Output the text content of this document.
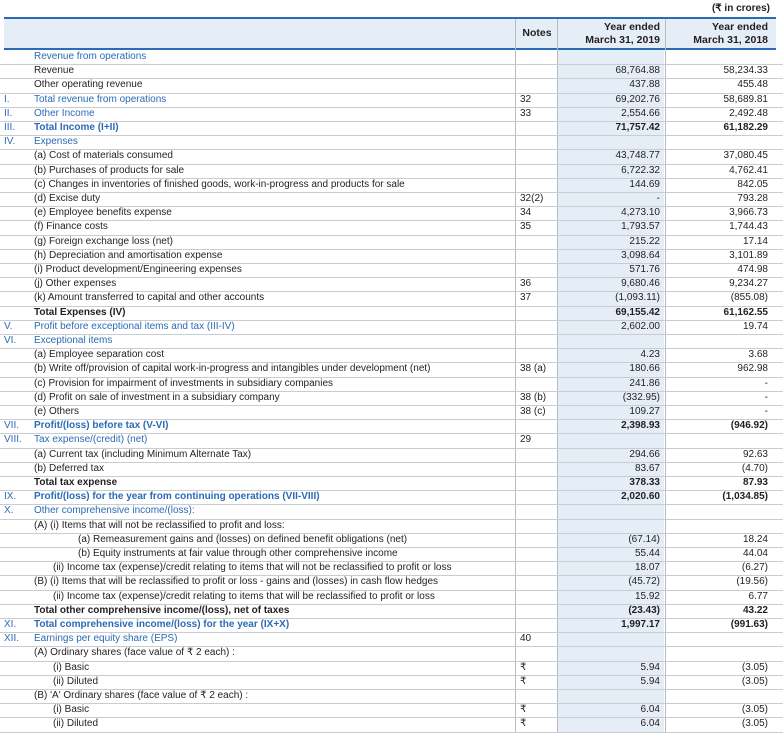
(₹ in crores)
Notes	Year ended
March 31, 2019
Year ended
March 31, 2018
Revenue from operations
Revenue	68,764.88	58,234.33
Other operating revenue	437.88	455.48
I.	Total revenue from operations	32	69,202.76	58,689.81
II.	Other Income	33	2,554.66	2,492.48
III.	Total Income (I+II)	71,757.42	61,182.29
IV.	Expenses
(a) Cost of materials consumed	43,748.77	37,080.45
(b) Purchases of products for sale	6,722.32	4,762.41
(c) Changes in inventories of finished goods, work-in-progress and products for sale	144.69	842.05
(d) Excise duty	32(2)	-	793.28
(e) Employee benefits expense	34	4,273.10	3,966.73
(f) Finance costs	35	1,793.57	1,744.43
(g) Foreign exchange loss (net)	215.22	17.14
(h) Depreciation and amortisation expense	3,098.64	3,101.89
(i) Product development/Engineering expenses	571.76	474.98
(j) Other expenses	36	9,680.46	9,234.27
(k) Amount transferred to capital and other accounts	37	(1,093.11)	(855.08)
Total Expenses (IV)	69,155.42	61,162.55
V.	Profit before exceptional items and tax (III-IV)	2,602.00	19.74
VI.	Exceptional items
(a) Employee separation cost	4.23	3.68
(b) Write off/provision of capital work-in-progress and intangibles under development (net)	38 (a)	180.66	962.98
(c) Provision for impairment of investments in subsidiary companies	241.86	-
(d) Profit on sale of investment in a subsidiary company	38 (b)	(332.95)	-
(e) Others	38 (c)	109.27	-
VII.	Profit/(loss) before tax (V-VI)	2,398.93	(946.92)
VIII.	Tax expense/(credit) (net)	29
(a) Current tax (including Minimum Alternate Tax)	294.66	92.63
(b) Deferred tax	83.67	(4.70)
Total tax expense	378.33	87.93
IX.	Profit/(loss) for the year from continuing operations (VII-VIII)	2,020.60	(1,034.85)
X.	Other comprehensive income/(loss):
(A) (i) Items that will not be reclassified to profit and loss:
(a) Remeasurement gains and (losses) on defined benefit obligations (net)	(67.14)	18.24
(b) Equity instruments at fair value through other comprehensive income	55.44	44.04
(ii) Income tax (expense)/credit relating to items that will not be reclassified to profit or loss	18.07	(6.27)
(B) (i) Items that will be reclassified to profit or loss - gains and (losses) in cash flow hedges	(45.72)	(19.56)
(ii) Income tax (expense)/credit relating to items that will be reclassified to profit or loss	15.92	6.77
Total other comprehensive income/(loss), net of taxes	(23.43)	43.22
XI.	Total comprehensive income/(loss) for the year (IX+X)	1,997.17	(991.63)
XII.	Earnings per equity share (EPS)	40
(A) Ordinary shares (face value of ₹ 2 each) :
(i) Basic	₹	5.94	(3.05)
(ii) Diluted	₹	5.94	(3.05)
(B) 'A' Ordinary shares (face value of ₹ 2 each) :
(i) Basic	₹	6.04	(3.05)
(ii) Diluted	₹	6.04	(3.05)
